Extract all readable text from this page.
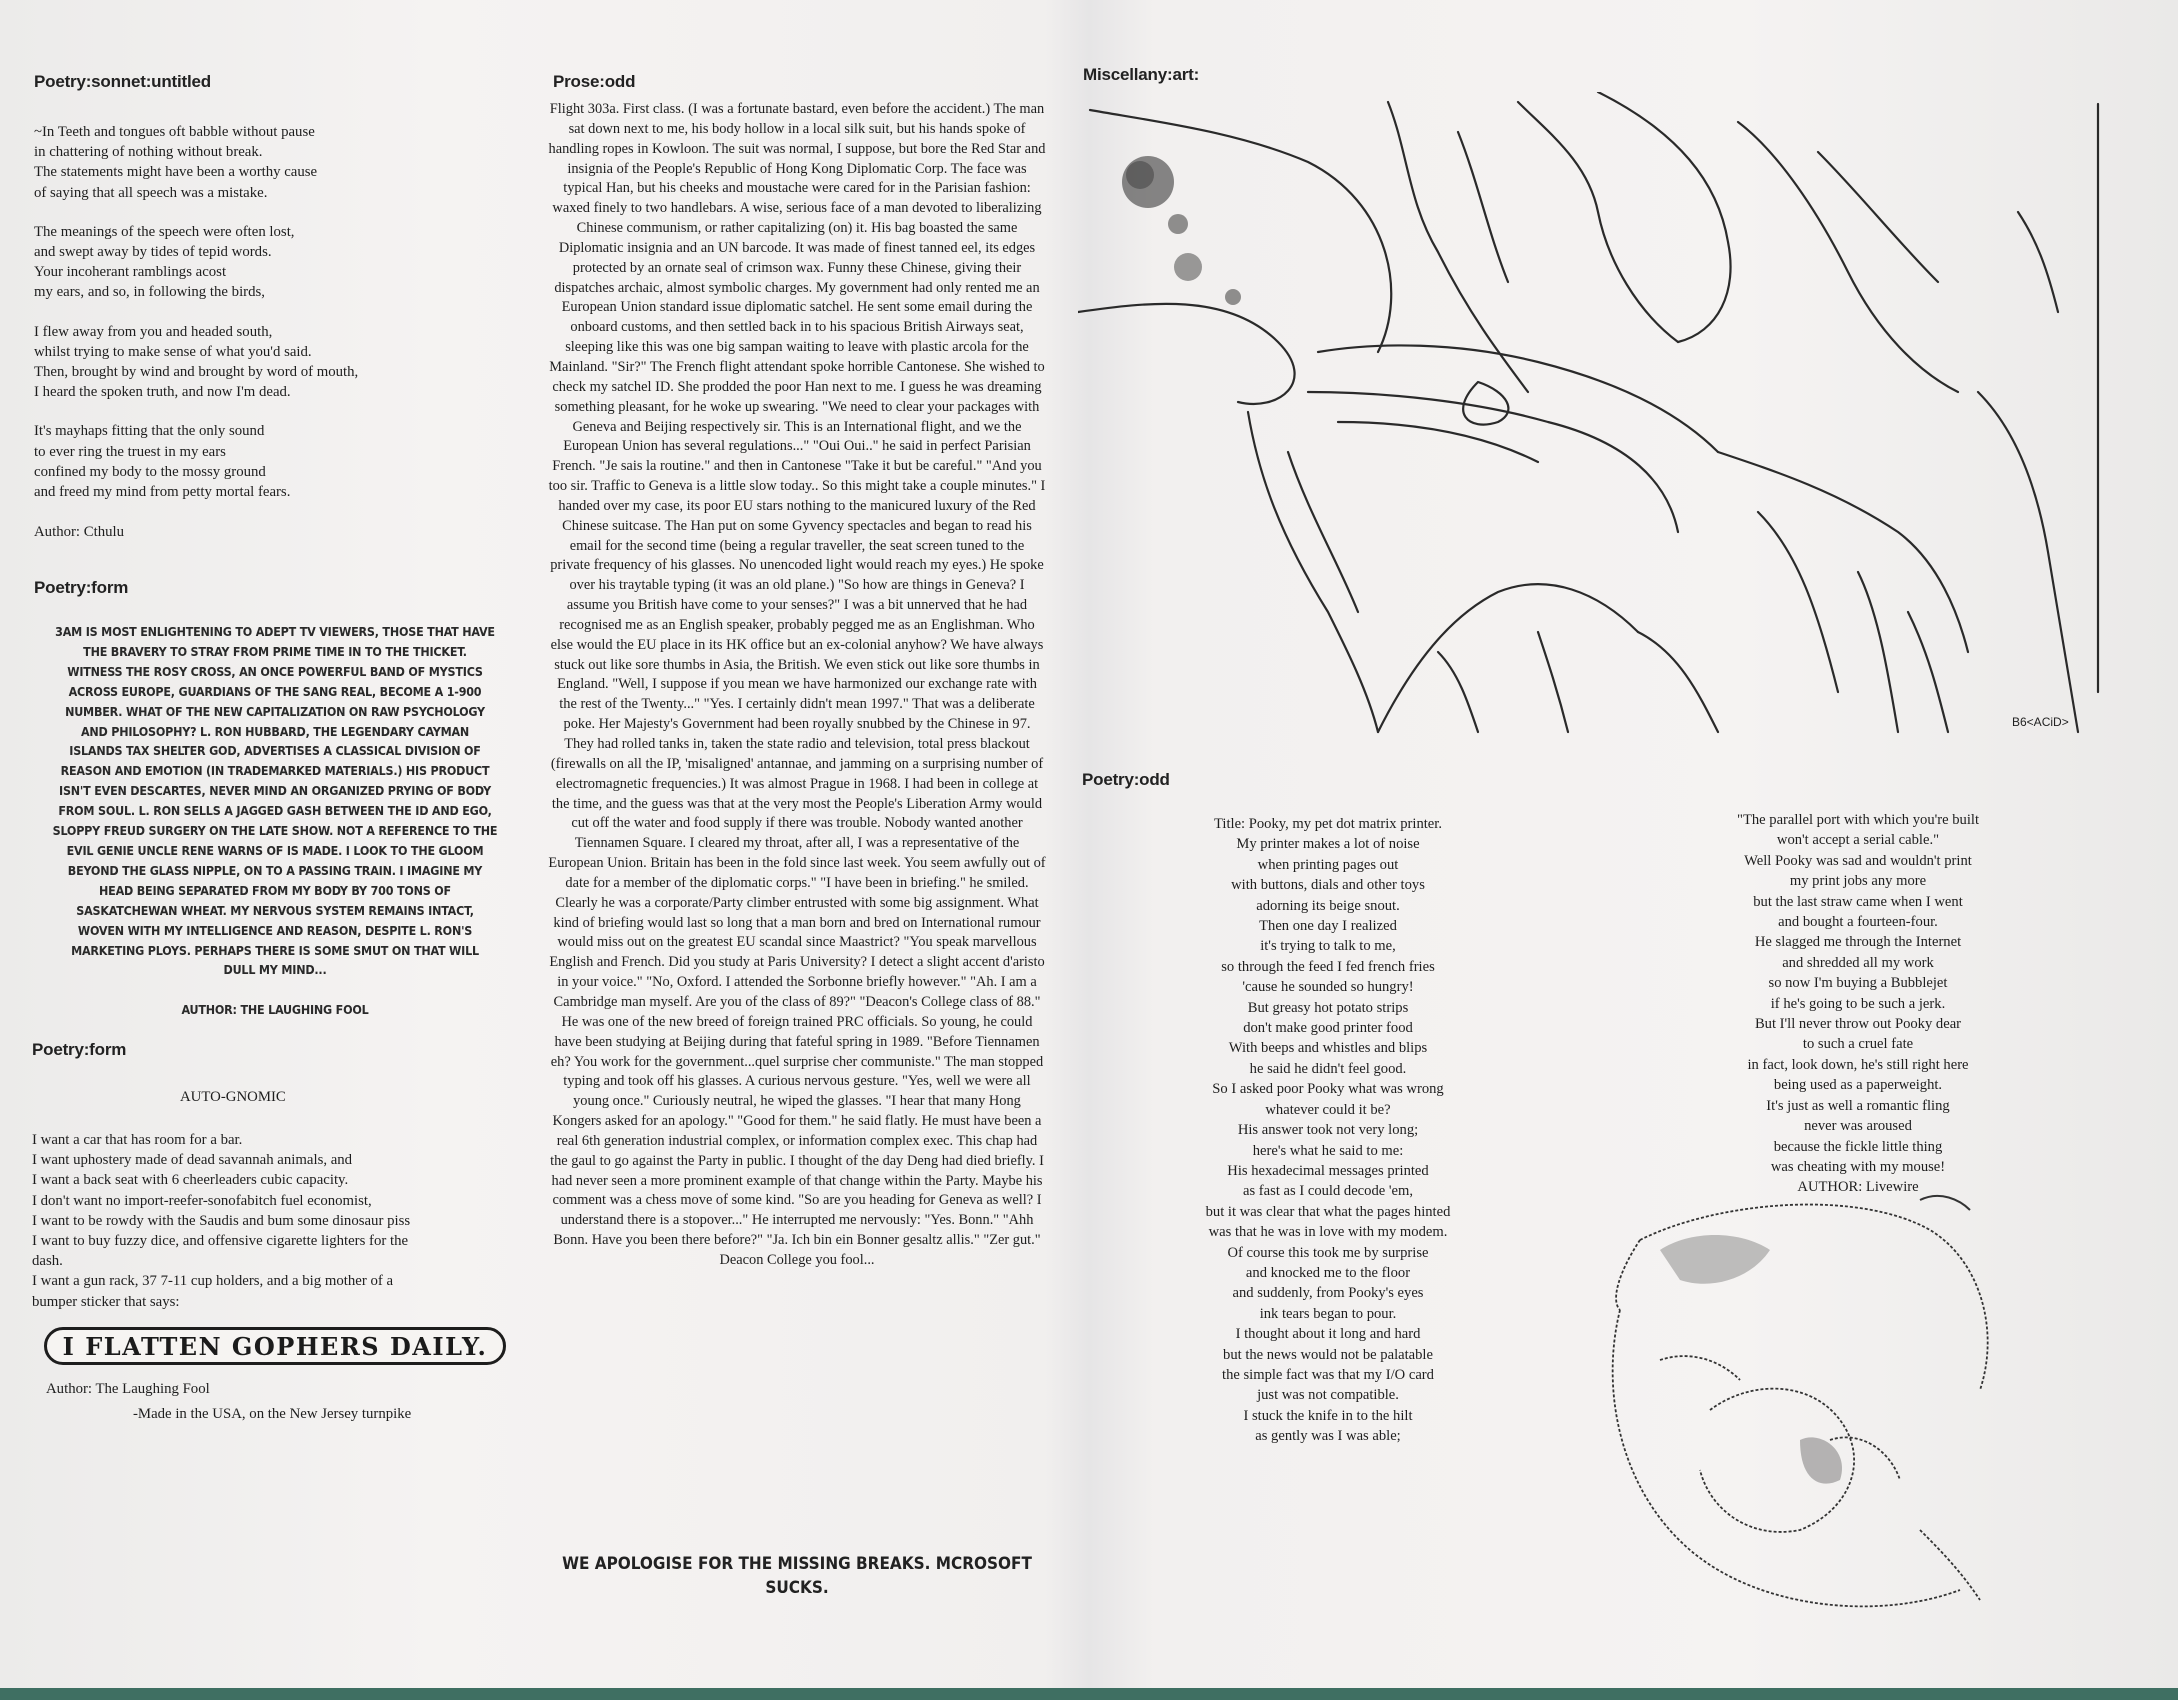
Poetry:sonnet:untitled
~In Teeth and tongues oft babble without pause
in chattering of nothing without break.
The statements might have been a worthy cause
of saying that all speech was a mistake.
The meanings of the speech were often lost,
and swept away by tides of tepid words.
Your incoherant ramblings acost
my ears, and so, in following the birds,
I flew away from you and headed south,
whilst trying to make sense of what you'd said.
Then, brought by wind and brought by word of mouth,
I heard the spoken truth, and now I'm dead.
It's mayhaps fitting that the only sound
to ever ring the truest in my ears
confined my body to the mossy ground
and freed my mind from petty mortal fears.
Author: Cthulu
Poetry:form
3AM IS MOST ENLIGHTENING TO ADEPT TV VIEWERS, THOSE THAT HAVE
THE BRAVERY TO STRAY FROM PRIME TIME IN TO THE THICKET.
WITNESS THE ROSY CROSS, AN ONCE POWERFUL BAND OF MYSTICS
ACROSS EUROPE, GUARDIANS OF THE SANG REAL, BECOME A 1-900
NUMBER. WHAT OF THE NEW CAPITALIZATION ON RAW PSYCHOLOGY
AND PHILOSOPHY? L. RON HUBBARD, THE LEGENDARY CAYMAN
ISLANDS TAX SHELTER GOD, ADVERTISES A CLASSICAL DIVISION OF
REASON AND EMOTION (IN TRADEMARKED MATERIALS.) HIS PRODUCT
ISN'T EVEN DESCARTES, NEVER MIND AN ORGANIZED PRYING OF BODY
FROM SOUL. L. RON SELLS A JAGGED GASH BETWEEN THE ID AND EGO,
SLOPPY FREUD SURGERY ON THE LATE SHOW. NOT A REFERENCE TO THE
EVIL GENIE UNCLE RENE WARNS OF IS MADE. I LOOK TO THE GLOOM
BEYOND THE GLASS NIPPLE, ON TO A PASSING TRAIN. I IMAGINE MY
HEAD BEING SEPARATED FROM MY BODY BY 700 TONS OF
SASKATCHEWAN WHEAT. MY NERVOUS SYSTEM REMAINS INTACT,
WOVEN WITH MY INTELLIGENCE AND REASON, DESPITE L. RON'S
MARKETING PLOYS. PERHAPS THERE IS SOME SMUT ON THAT WILL
DULL MY MIND...
AUTHOR: THE LAUGHING FOOL
Poetry:form
AUTO-GNOMIC
I want a car that has room for a bar.
I want uphostery made of dead savannah animals, and
I want a back seat with 6 cheerleaders cubic capacity.
I don't want no import-reefer-sonofabitch fuel economist,
I want to be rowdy with the Saudis and bum some dinosaur piss
I want to buy fuzzy dice, and offensive cigarette lighters for the
dash.
I want a gun rack, 37 7-11 cup holders, and a big mother of a
bumper sticker that says:
I FLATTEN GOPHERS DAILY.
Author: The Laughing Fool
-Made in the USA, on the New Jersey turnpike
Prose:odd

Flight 303a. First class. (I was a fortunate bastard, even before the accident.) The man sat down next to me, his body hollow in a local silk suit, but his hands spoke of handling ropes in Kowloon. The suit was normal, I suppose, but bore the Red Star and insignia of the People's Republic of Hong Kong Diplomatic Corp. The face was typical Han, but his cheeks and moustache were cared for in the Parisian fashion: waxed finely to two handlebars. A wise, serious face of a man devoted to liberalizing Chinese communism, or rather capitalizing (on) it. His bag boasted the same Diplomatic insignia and an UN barcode. It was made of finest tanned eel, its edges protected by an ornate seal of crimson wax. Funny these Chinese, giving their dispatches archaic, almost symbolic charges. My government had only rented me an European Union standard issue diplomatic satchel. He sent some email during the onboard customs, and then settled back in to his spacious British Airways seat, sleeping like this was one big sampan waiting to leave with plastic arcola for the Mainland. "Sir?" The French flight attendant spoke horrible Cantonese. She wished to check my satchel ID. She prodded the poor Han next to me. I guess he was dreaming something pleasant, for he woke up swearing. "We need to clear your packages with Geneva and Beijing respectively sir. This is an International flight, and we the European Union has several regulations..." "Oui Oui.." he said in perfect Parisian French. "Je sais la routine." and then in Cantonese "Take it but be careful." "And you too sir. Traffic to Geneva is a little slow today.. So this might take a couple minutes." I handed over my case, its poor EU stars nothing to the manicured luxury of the Red Chinese suitcase. The Han put on some Gyvency spectacles and began to read his email for the second time (being a regular traveller, the seat screen tuned to the private frequency of his glasses. No unencoded light would reach my eyes.) He spoke over his traytable typing (it was an old plane.) "So how are things in Geneva? I assume you British have come to your senses?" I was a bit unnerved that he had recognised me as an English speaker, probably pegged me as an Englishman. Who else would the EU place in its HK office but an ex-colonial anyhow? We have always stuck out like sore thumbs in Asia, the British. We even stick out like sore thumbs in England. "Well, I suppose if you mean we have harmonized our exchange rate with the rest of the Twenty..." "Yes. I certainly didn't mean 1997." That was a deliberate poke. Her Majesty's Government had been royally snubbed by the Chinese in 97. They had rolled tanks in, taken the state radio and television, total press blackout (firewalls on all the IP, 'misaligned' antannae, and jamming on a surprising number of electromagnetic frequencies.) It was almost Prague in 1968. I had been in college at the time, and the guess was that at the very most the People's Liberation Army would cut off the water and food supply if there was trouble. Nobody wanted another Tiennamen Square. I cleared my throat, after all, I was a representative of the European Union. Britain has been in the fold since last week. You seem awfully out of date for a member of the diplomatic corps." "I have been in briefing." he smiled. Clearly he was a corporate/Party climber entrusted with some big assignment. What kind of briefing would last so long that a man born and bred on International rumour would miss out on the greatest EU scandal since Maastrict? "You speak marvellous English and French. Did you study at Paris University? I detect a slight accent d'aristo in your voice." "No, Oxford. I attended the Sorbonne briefly however." "Ah. I am a Cambridge man myself. Are you of the class of 89?" "Deacon's College class of 88." He was one of the new breed of foreign trained PRC officials. So young, he could have been studying at Beijing during that fateful spring in 1989. "Before Tiennamen eh? You work for the government...quel surprise cher communiste." The man stopped typing and took off his glasses. A curious nervous gesture. "Yes, well we were all young once." Curiously neutral, he wiped the glasses. "I hear that many Hong Kongers asked for an apology." "Good for them." he said flatly. He must have been a real 6th generation industrial complex, or information complex exec. This chap had the gaul to go against the Party in public. I thought of the day Deng had died briefly. I had never seen a more prominent example of that change within the Party. Maybe his comment was a chess move of some kind. "So are you heading for Geneva as well? I understand there is a stopover..." He interrupted me nervously: "Yes. Bonn." "Ahh Bonn. Have you been there before?" "Ja. Ich bin ein Bonner gesaltz allis." "Zer gut." Deacon College you fool...

WE APOLOGISE FOR THE MISSING BREAKS. MCROSOFT SUCKS.
Miscellany:art:
B6<ACiD>
Poetry:odd
Title: Pooky, my pet dot matrix printer.
My printer makes a lot of noise
when printing pages out
with buttons, dials and other toys
adorning its beige snout.
Then one day I realized
it's trying to talk to me,
so through the feed I fed french fries
'cause he sounded so hungry!
But greasy hot potato strips
don't make good printer food
With beeps and whistles and blips
he said he didn't feel good.
So I asked poor Pooky what was wrong
whatever could it be?
His answer took not very long;
here's what he said to me:
His hexadecimal messages printed
as fast as I could decode 'em,
but it was clear that what the pages hinted
was that he was in love with my modem.
Of course this took me by surprise
and knocked me to the floor
and suddenly, from Pooky's eyes
ink tears began to pour.
I thought about it long and hard
but the news would not be palatable
the simple fact was that my I/O card
just was not compatible.
I stuck the knife in to the hilt
as gently was I was able;
"The parallel port with which you're built
won't accept a serial cable."
Well Pooky was sad and wouldn't print
my print jobs any more
but the last straw came when I went
and bought a fourteen-four.
He slagged me through the Internet
and shredded all my work
so now I'm buying a Bubblejet
if he's going to be such a jerk.
But I'll never throw out Pooky dear
to such a cruel fate
in fact, look down, he's still right here
being used as a paperweight.
It's just as well a romantic fling
never was aroused
because the fickle little thing
was cheating with my mouse!
AUTHOR: Livewire
